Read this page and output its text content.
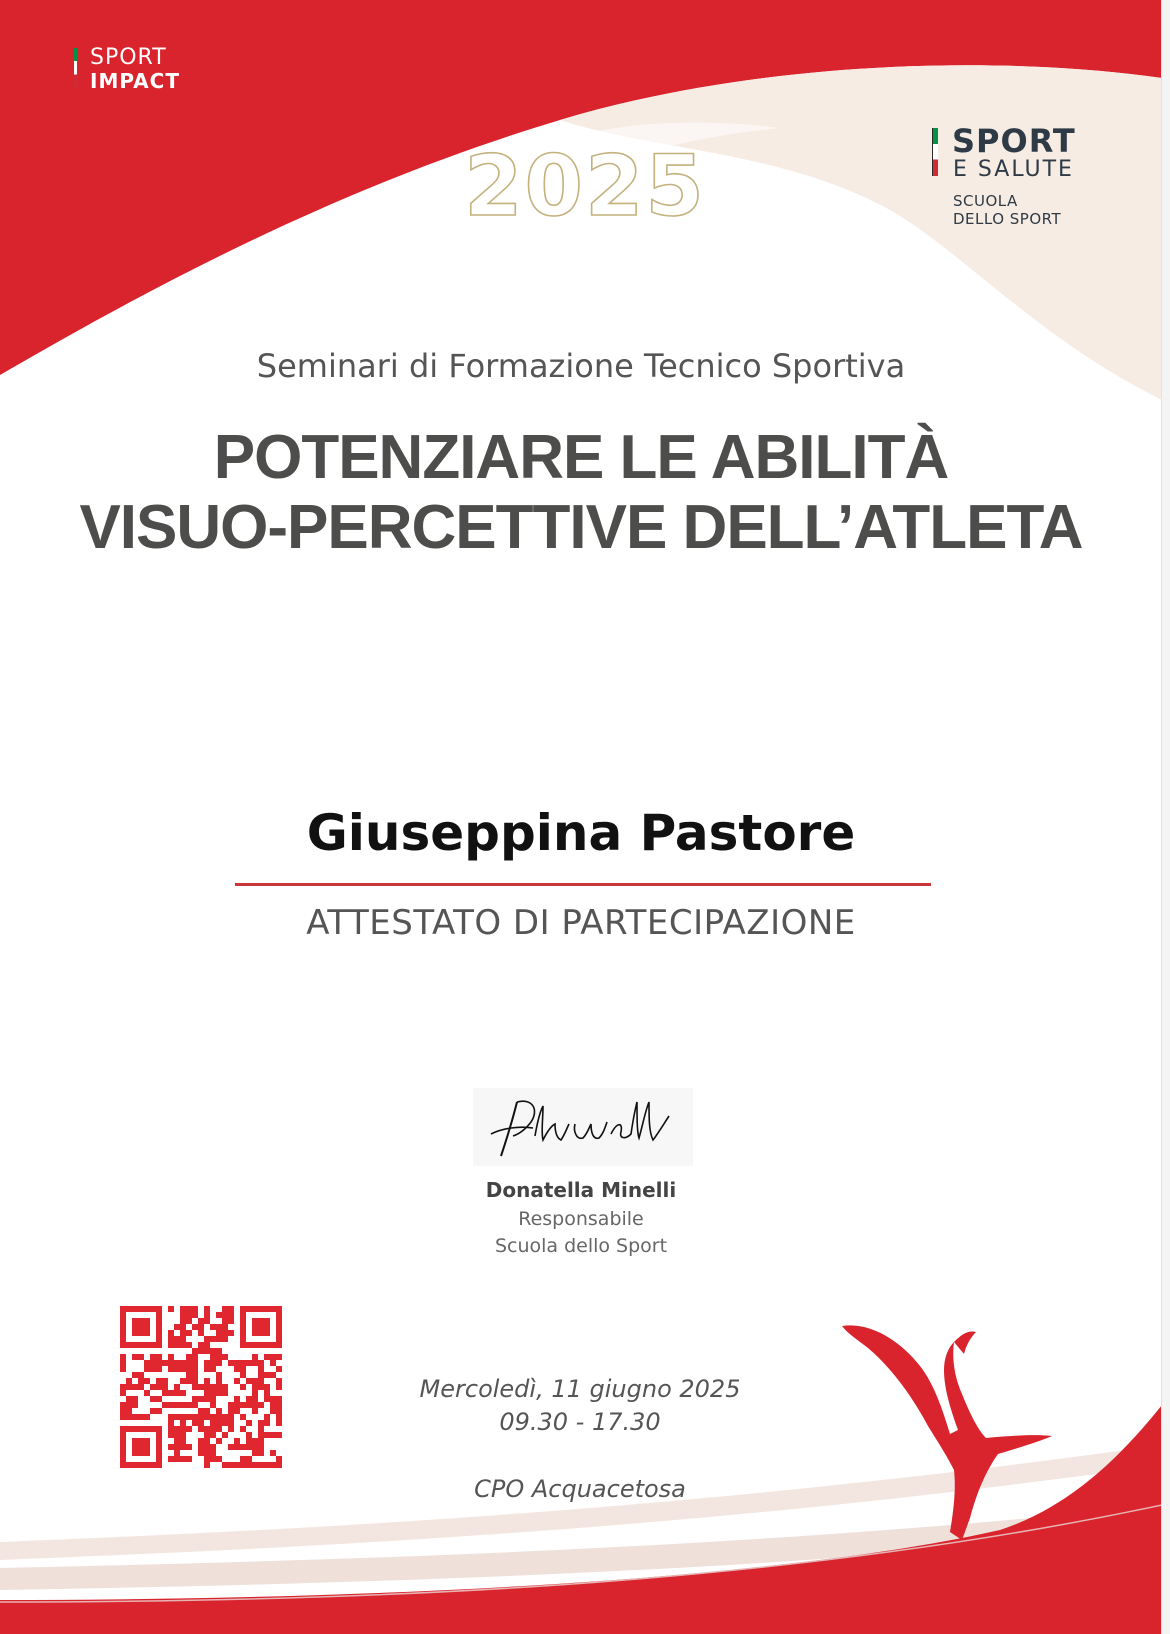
SPORT
IMPACT
SPORT
E SALUTE
SCUOLA
DELLO SPORT
2025
Seminari di Formazione Tecnico Sportiva
POTENZIARE LE ABILITÀ
VISUO-PERCETTIVE DELL’ATLETA
Giuseppina Pastore
ATTESTATO DI PARTECIPAZIONE
Donatella Minelli
Responsabile
Scuola dello Sport
Mercoledì, 11 giugno 2025
09.30 - 17.30
CPO Acquacetosa
